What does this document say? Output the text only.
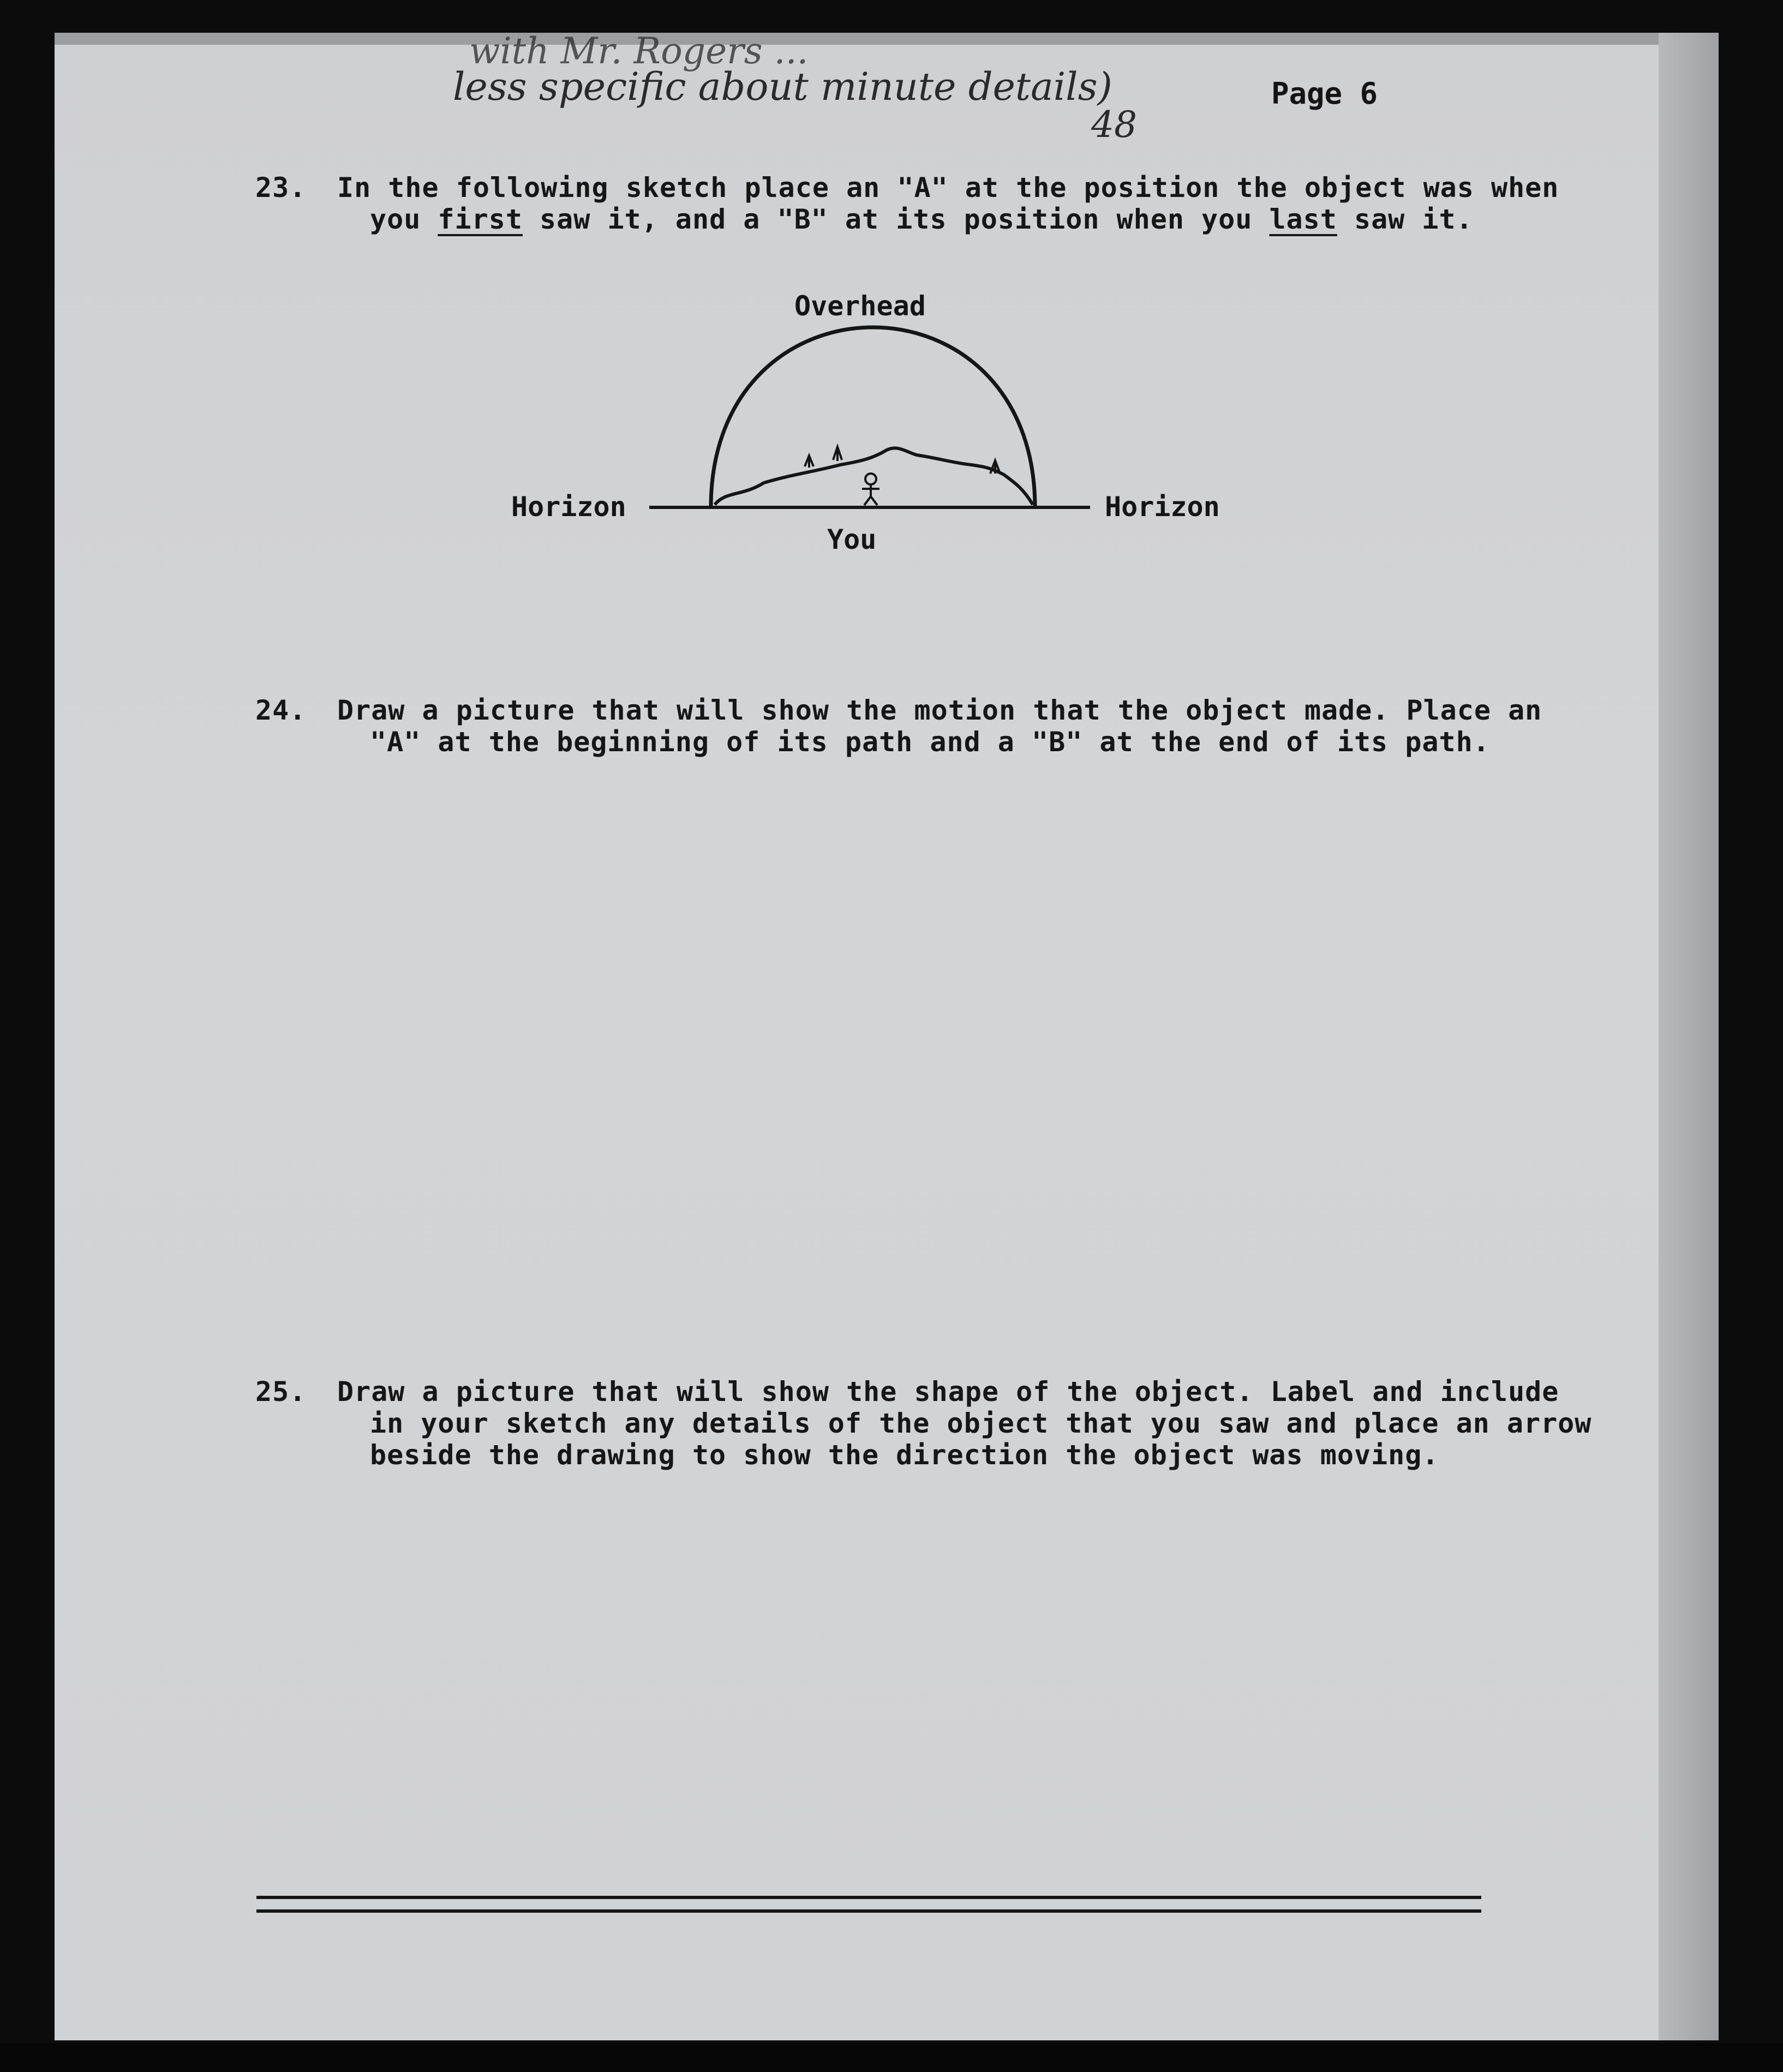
with Mr. Rogers ...
less specific about minute details)
48
Page 6
23. In the following sketch place an "A" at the position the object was when
you first saw it, and a "B" at its position when you last saw it.
Overhead
Horizon	Horizon
You
24. Draw a picture that will show the motion that the object made. Place an
"A" at the beginning of its path and a "B" at the end of its path.
25. Draw a picture that will show the shape of the object. Label and include
in your sketch any details of the object that you saw and place an arrow
beside the drawing to show the direction the object was moving.
